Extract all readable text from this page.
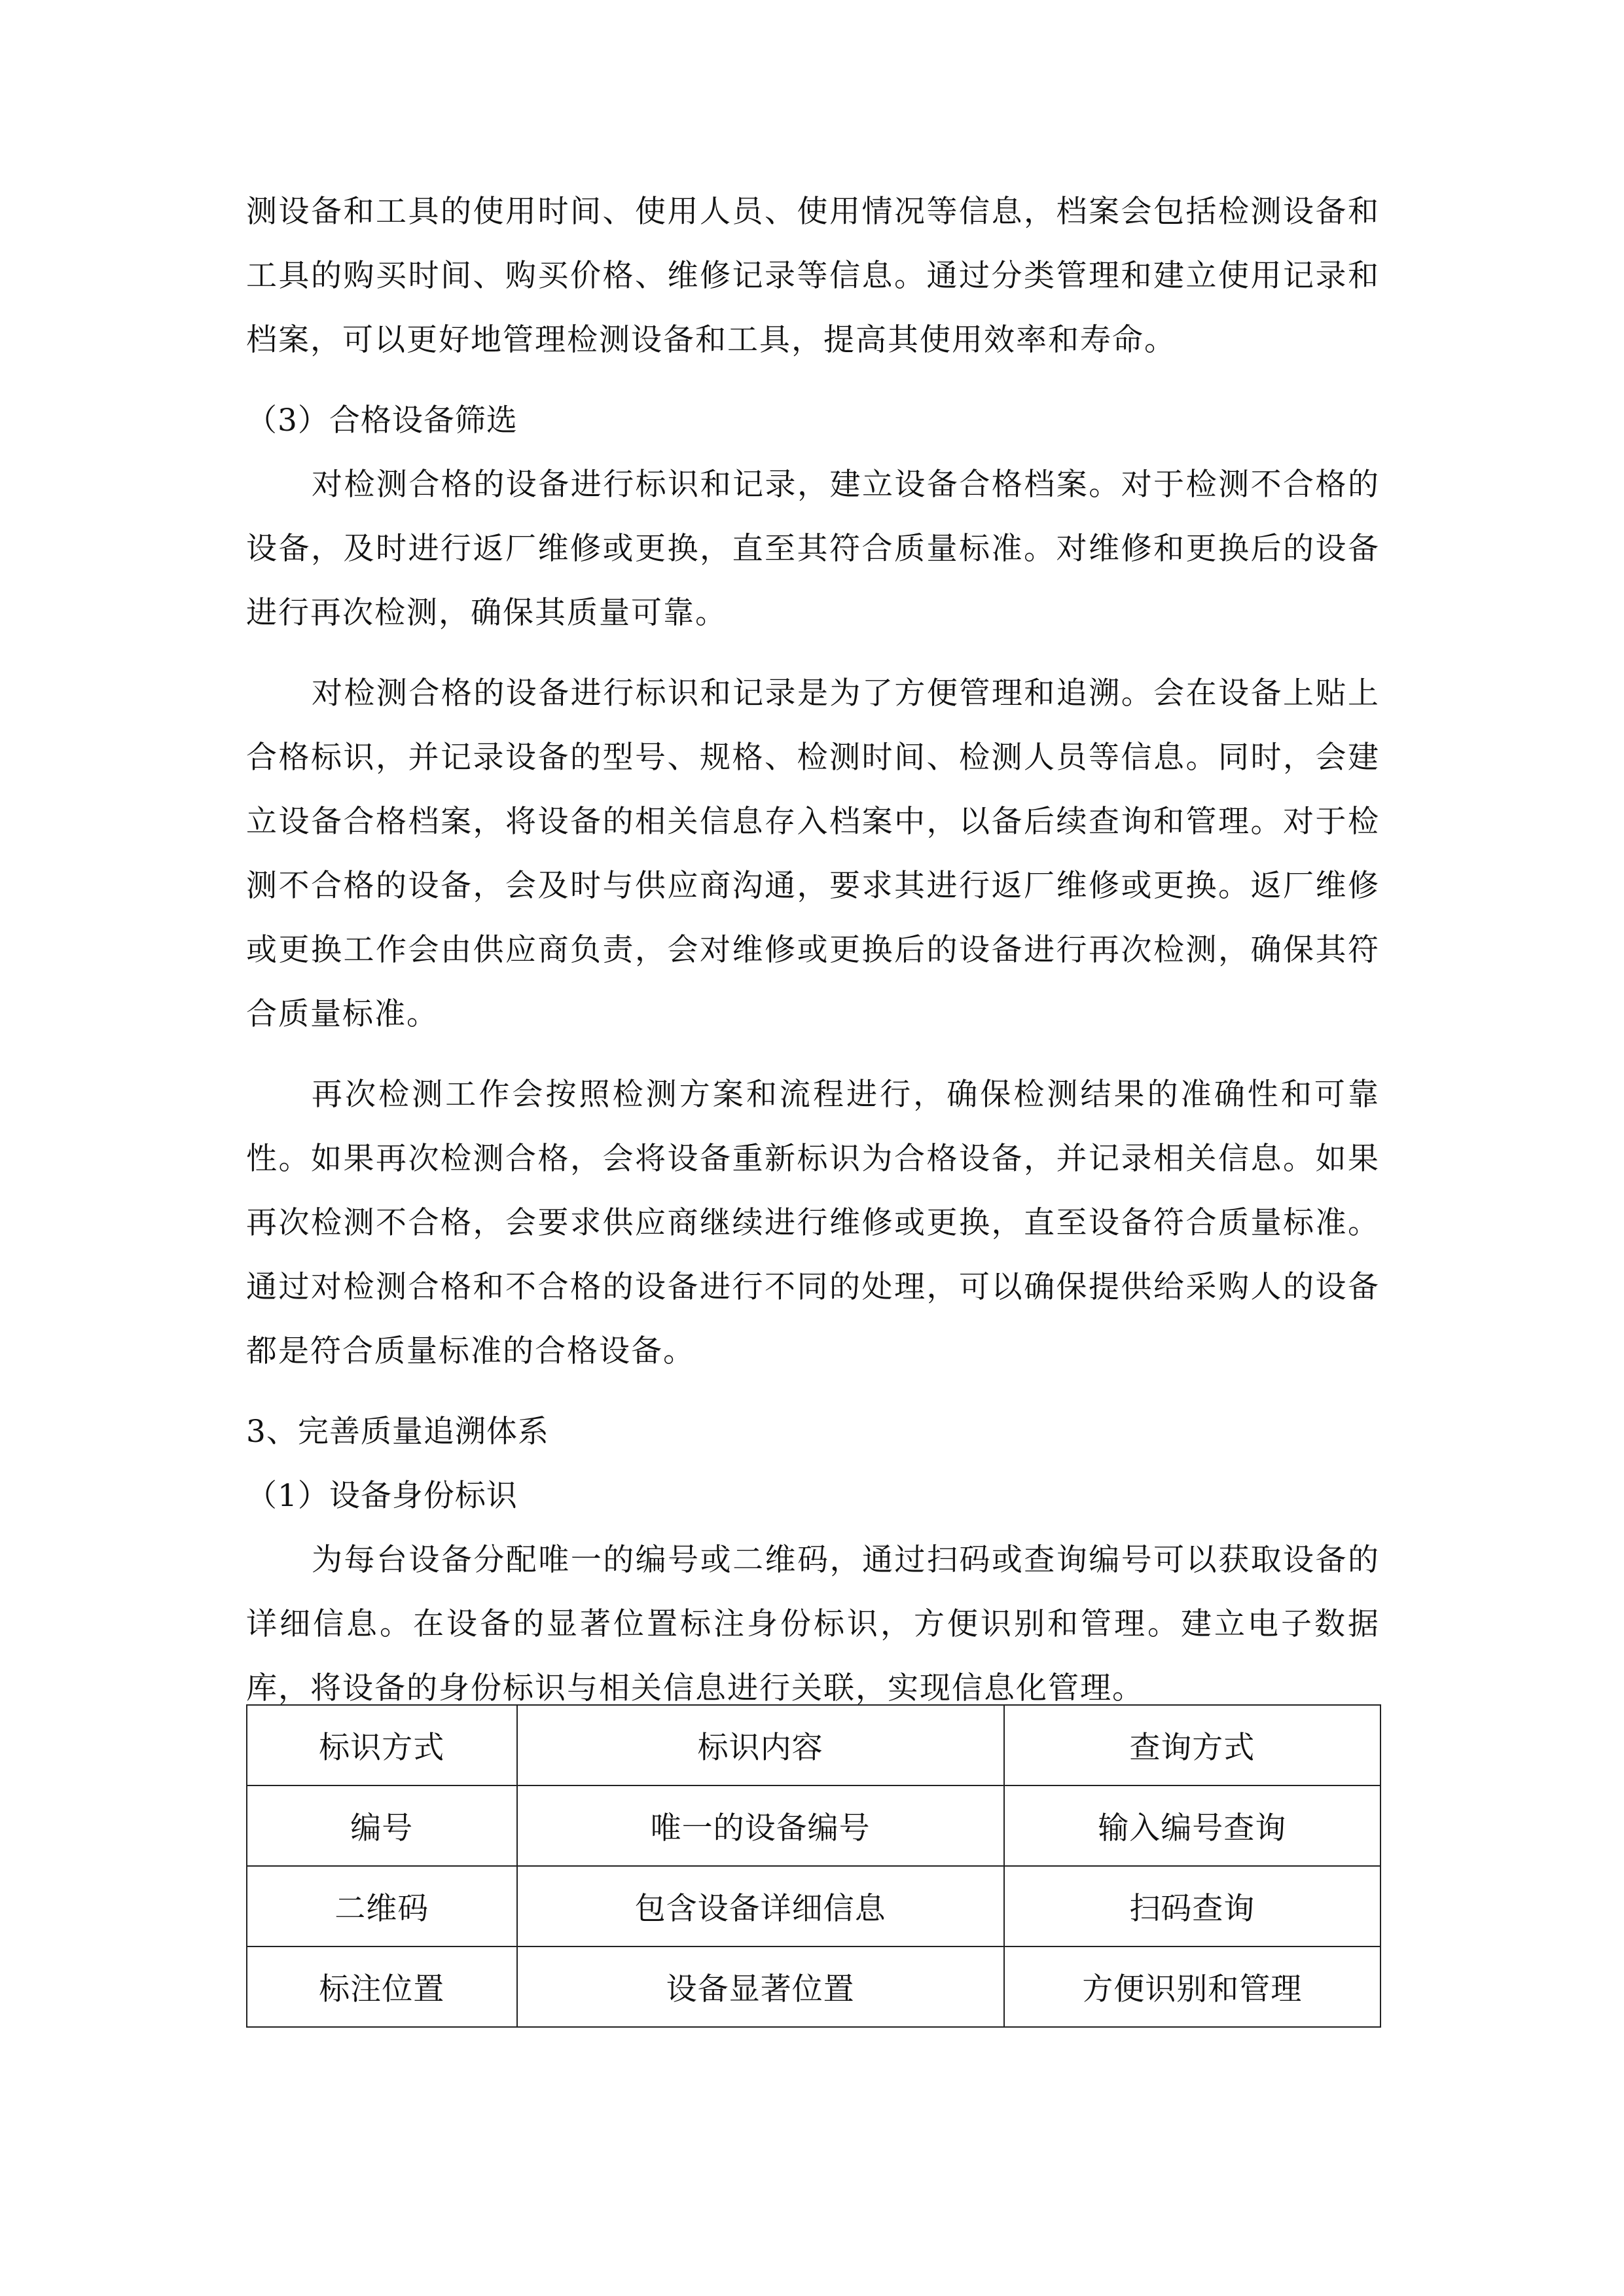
测设备和工具的使用时间、使用人员、使用情况等信息，档案会包括检测设备和工具的购买时间、购买价格、维修记录等信息。通过分类管理和建立使用记录和档案，可以更好地管理检测设备和工具，提高其使用效率和寿命。

（3）合格设备筛选

对检测合格的设备进行标识和记录，建立设备合格档案。对于检测不合格的设备，及时进行返厂维修或更换，直至其符合质量标准。对维修和更换后的设备进行再次检测，确保其质量可靠。

对检测合格的设备进行标识和记录是为了方便管理和追溯。会在设备上贴上合格标识，并记录设备的型号、规格、检测时间、检测人员等信息。同时，会建立设备合格档案，将设备的相关信息存入档案中，以备后续查询和管理。对于检测不合格的设备，会及时与供应商沟通，要求其进行返厂维修或更换。返厂维修或更换工作会由供应商负责，会对维修或更换后的设备进行再次检测，确保其符合质量标准。

再次检测工作会按照检测方案和流程进行，确保检测结果的准确性和可靠性。如果再次检测合格，会将设备重新标识为合格设备，并记录相关信息。如果再次检测不合格，会要求供应商继续进行维修或更换，直至设备符合质量标准。通过对检测合格和不合格的设备进行不同的处理，可以确保提供给采购人的设备都是符合质量标准的合格设备。

3、完善质量追溯体系

（1）设备身份标识

为每台设备分配唯一的编号或二维码，通过扫码或查询编号可以获取设备的详细信息。在设备的显著位置标注身份标识，方便识别和管理。建立电子数据库，将设备的身份标识与相关信息进行关联，实现信息化管理。

标识方式	标识内容	查询方式
编号	唯一的设备编号	输入编号查询
二维码	包含设备详细信息	扫码查询
标注位置	设备显著位置	方便识别和管理
